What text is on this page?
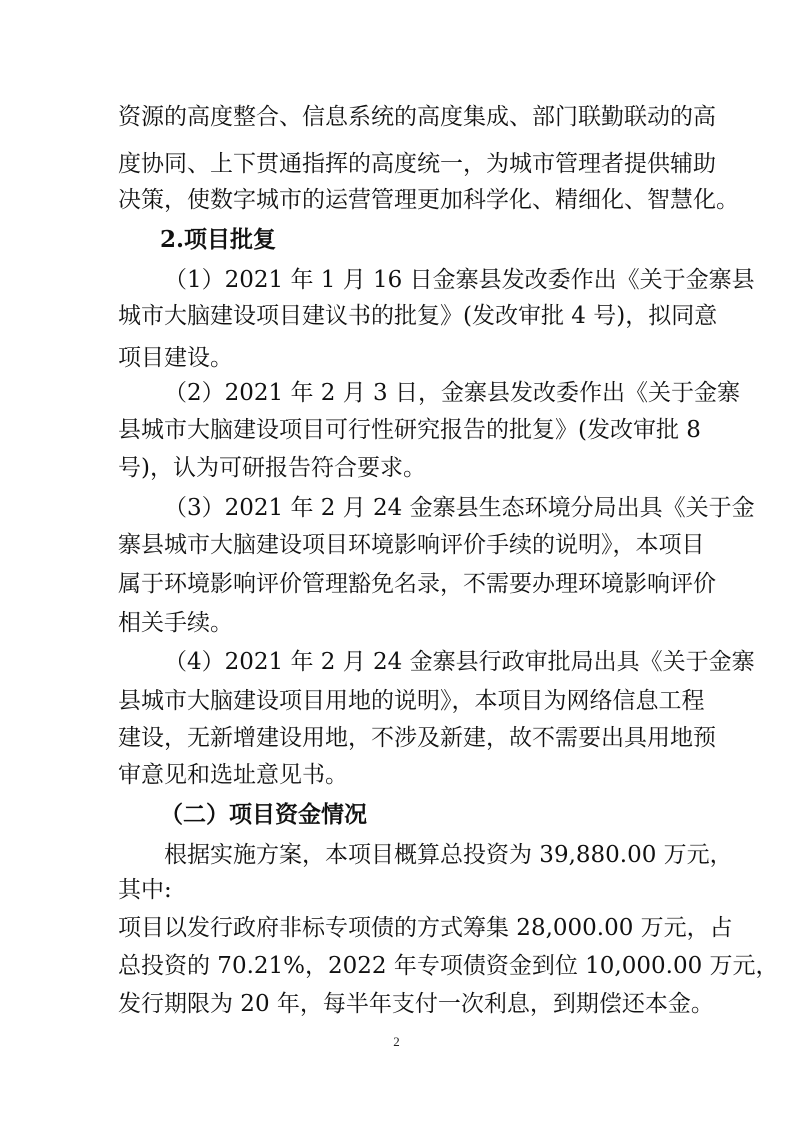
资源的高度整合、信息系统的高度集成、部门联勤联动的高
度协同、上下贯通指挥的高度统一，为城市管理者提供辅助
决策，使数字城市的运营管理更加科学化、精细化、智慧化。
2.项目批复
（1）2021 年 1 月 16 日金寨县发改委作出《关于金寨县
城市大脑建设项目建议书的批复》(发改审批 4 号)，拟同意
项目建设。
（2）2021 年 2 月 3 日，金寨县发改委作出《关于金寨
县城市大脑建设项目可行性研究报告的批复》(发改审批 8
号)，认为可研报告符合要求。
（3）2021 年 2 月 24 金寨县生态环境分局出具《关于金
寨县城市大脑建设项目环境影响评价手续的说明》，本项目
属于环境影响评价管理豁免名录，不需要办理环境影响评价
相关手续。
（4）2021 年 2 月 24 金寨县行政审批局出具《关于金寨
县城市大脑建设项目用地的说明》，本项目为网络信息工程
建设，无新增建设用地，不涉及新建，故不需要出具用地预
审意见和选址意见书。
（二）项目资金情况
根据实施方案，本项目概算总投资为 39,880.00 万元，
其中:
项目以发行政府非标专项债的方式筹集 28,000.00 万元，占
总投资的 70.21%，2022 年专项债资金到位 10,000.00 万元，
发行期限为 20 年，每半年支付一次利息，到期偿还本金。
2
